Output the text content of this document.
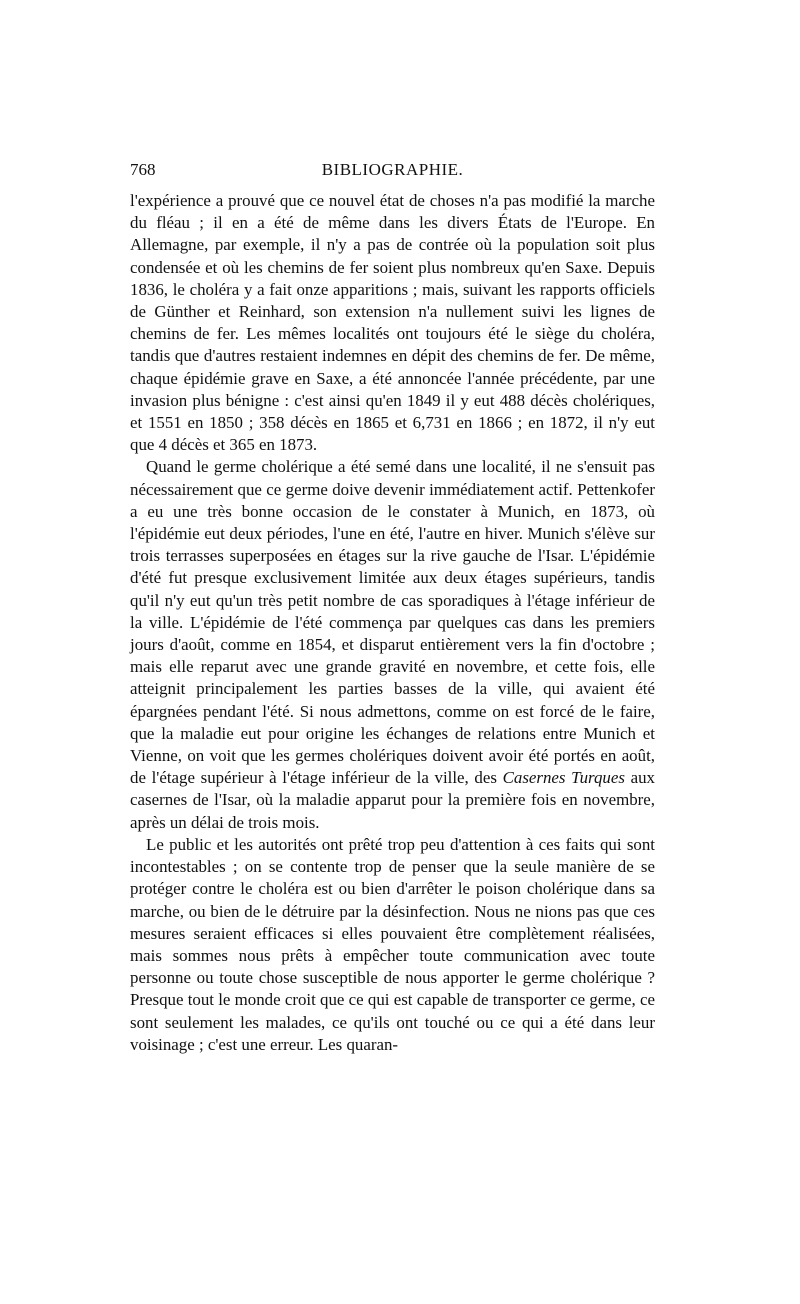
768	BIBLIOGRAPHIE.

l'expérience a prouvé que ce nouvel état de choses n'a pas modifié la marche du fléau ; il en a été de même dans les divers États de l'Europe. En Allemagne, par exemple, il n'y a pas de contrée où la population soit plus condensée et où les chemins de fer soient plus nombreux qu'en Saxe. Depuis 1836, le choléra y a fait onze apparitions ; mais, suivant les rapports officiels de Günther et Reinhard, son extension n'a nullement suivi les lignes de chemins de fer. Les mêmes localités ont toujours été le siège du choléra, tandis que d'autres restaient indemnes en dépit des chemins de fer. De même, chaque épidémie grave en Saxe, a été annoncée l'année précédente, par une invasion plus bénigne : c'est ainsi qu'en 1849 il y eut 488 décès cholériques, et 1551 en 1850 ; 358 décès en 1865 et 6,731 en 1866 ; en 1872, il n'y eut que 4 décès et 365 en 1873.

Quand le germe cholérique a été semé dans une localité, il ne s'ensuit pas nécessairement que ce germe doive devenir immédiatement actif. Pettenkofer a eu une très bonne occasion de le constater à Munich, en 1873, où l'épidémie eut deux périodes, l'une en été, l'autre en hiver. Munich s'élève sur trois terrasses superposées en étages sur la rive gauche de l'Isar. L'épidémie d'été fut presque exclusivement limitée aux deux étages supérieurs, tandis qu'il n'y eut qu'un très petit nombre de cas sporadiques à l'étage inférieur de la ville. L'épidémie de l'été commença par quelques cas dans les premiers jours d'août, comme en 1854, et disparut entièrement vers la fin d'octobre ; mais elle reparut avec une grande gravité en novembre, et cette fois, elle atteignit principalement les parties basses de la ville, qui avaient été épargnées pendant l'été. Si nous admettons, comme on est forcé de le faire, que la maladie eut pour origine les échanges de relations entre Munich et Vienne, on voit que les germes cholériques doivent avoir été portés en août, de l'étage supérieur à l'étage inférieur de la ville, des Casernes Turques aux casernes de l'Isar, où la maladie apparut pour la première fois en novembre, après un délai de trois mois.

Le public et les autorités ont prêté trop peu d'attention à ces faits qui sont incontestables ; on se contente trop de penser que la seule manière de se protéger contre le choléra est ou bien d'arrêter le poison cholérique dans sa marche, ou bien de le détruire par la désinfection. Nous ne nions pas que ces mesures seraient efficaces si elles pouvaient être complètement réalisées, mais sommes nous prêts à empêcher toute communication avec toute personne ou toute chose susceptible de nous apporter le germe cholérique ? Presque tout le monde croit que ce qui est capable de transporter ce germe, ce sont seulement les malades, ce qu'ils ont touché ou ce qui a été dans leur voisinage ; c'est une erreur. Les quaran-
